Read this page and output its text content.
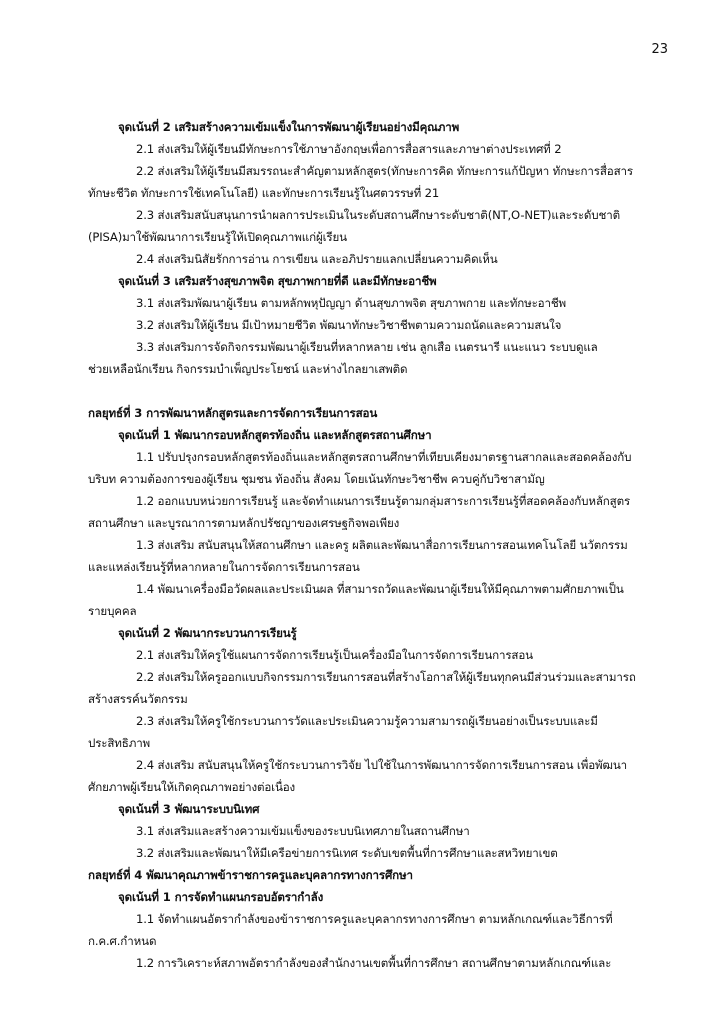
23
จุดเน้นที่ 2 เสริมสร้างความเข้มแข็งในการพัฒนาผู้เรียนอย่างมีคุณภาพ
2.1 ส่งเสริมให้ผู้เรียนมีทักษะการใช้ภาษาอังกฤษเพื่อการสื่อสารและภาษาต่างประเทศที่ 2
2.2 ส่งเสริมให้ผู้เรียนมีสมรรถนะสำคัญตามหลักสูตร(ทักษะการคิด ทักษะการแก้ปัญหา ทักษะการสื่อสาร
ทักษะชีวิต ทักษะการใช้เทคโนโลยี) และทักษะการเรียนรู้ในศตวรรษที่ 21
2.3 ส่งเสริมสนับสนุนการนำผลการประเมินในระดับสถานศึกษาระดับชาติ(NT,O-NET)และระดับชาติ
(PISA)มาใช้พัฒนาการเรียนรู้ให้เปิดคุณภาพแก่ผู้เรียน
2.4 ส่งเสริมนิสัยรักการอ่าน การเขียน และอภิปรายแลกเปลี่ยนความคิดเห็น
จุดเน้นที่ 3 เสริมสร้างสุขภาพจิต สุขภาพกายที่ดี และมีทักษะอาชีพ
3.1 ส่งเสริมพัฒนาผู้เรียน ตามหลักพหุปัญญา ด้านสุขภาพจิต สุขภาพกาย และทักษะอาชีพ
3.2 ส่งเสริมให้ผู้เรียน มีเป้าหมายชีวิต พัฒนาทักษะวิชาชีพตามความถนัดและความสนใจ
3.3 ส่งเสริมการจัดกิจกรรมพัฒนาผู้เรียนที่หลากหลาย เช่น ลูกเสือ เนตรนารี แนะแนว ระบบดูแล
ช่วยเหลือนักเรียน กิจกรรมบำเพ็ญประโยชน์ และห่างไกลยาเสพติด
กลยุทธ์ที่ 3 การพัฒนาหลักสูตรและการจัดการเรียนการสอน
จุดเน้นที่ 1 พัฒนากรอบหลักสูตรท้องถิ่น และหลักสูตรสถานศึกษา
1.1 ปรับปรุงกรอบหลักสูตรท้องถิ่นและหลักสูตรสถานศึกษาที่เทียบเคียงมาตรฐานสากลและสอดคล้องกับ
บริบท ความต้องการของผู้เรียน ชุมชน ท้องถิ่น สังคม โดยเน้นทักษะวิชาชีพ ควบคู่กับวิชาสามัญ
1.2 ออกแบบหน่วยการเรียนรู้ และจัดทำแผนการเรียนรู้ตามกลุ่มสาระการเรียนรู้ที่สอดคล้องกับหลักสูตร
สถานศึกษา และบูรณาการตามหลักปรัชญาของเศรษฐกิจพอเพียง
1.3 ส่งเสริม สนับสนุนให้สถานศึกษา และครู ผลิตและพัฒนาสื่อการเรียนการสอนเทคโนโลยี นวัตกรรม
และแหล่งเรียนรู้ที่หลากหลายในการจัดการเรียนการสอน
1.4 พัฒนาเครื่องมือวัดผลและประเมินผล ที่สามารถวัดและพัฒนาผู้เรียนให้มีคุณภาพตามศักยภาพเป็น
รายบุคคล
จุดเน้นที่ 2 พัฒนากระบวนการเรียนรู้
2.1 ส่งเสริมให้ครูใช้แผนการจัดการเรียนรู้เป็นเครื่องมือในการจัดการเรียนการสอน
2.2 ส่งเสริมให้ครูออกแบบกิจกรรมการเรียนการสอนที่สร้างโอกาสให้ผู้เรียนทุกคนมีส่วนร่วมและสามารถ
สร้างสรรค์นวัตกรรม
2.3 ส่งเสริมให้ครูใช้กระบวนการวัดและประเมินความรู้ความสามารถผู้เรียนอย่างเป็นระบบและมี
ประสิทธิภาพ
2.4 ส่งเสริม สนับสนุนให้ครูใช้กระบวนการวิจัย ไปใช้ในการพัฒนาการจัดการเรียนการสอน เพื่อพัฒนา
ศักยภาพผู้เรียนให้เกิดคุณภาพอย่างต่อเนื่อง
จุดเน้นที่ 3 พัฒนาระบบนิเทศ
3.1 ส่งเสริมและสร้างความเข้มแข็งของระบบนิเทศภายในสถานศึกษา
3.2 ส่งเสริมและพัฒนาให้มีเครือข่ายการนิเทศ ระดับเขตพื้นที่การศึกษาและสหวิทยาเขต
กลยุทธ์ที่ 4 พัฒนาคุณภาพข้าราชการครูและบุคลากรทางการศึกษา
จุดเน้นที่ 1 การจัดทำแผนกรอบอัตรากำลัง
1.1 จัดทำแผนอัตรากำลังของข้าราชการครูและบุคลากรทางการศึกษา ตามหลักเกณฑ์และวิธีการที่
ก.ค.ศ.กำหนด
1.2 การวิเคราะห์สภาพอัตรากำลังของสำนักงานเขตพื้นที่การศึกษา สถานศึกษาตามหลักเกณฑ์และ
